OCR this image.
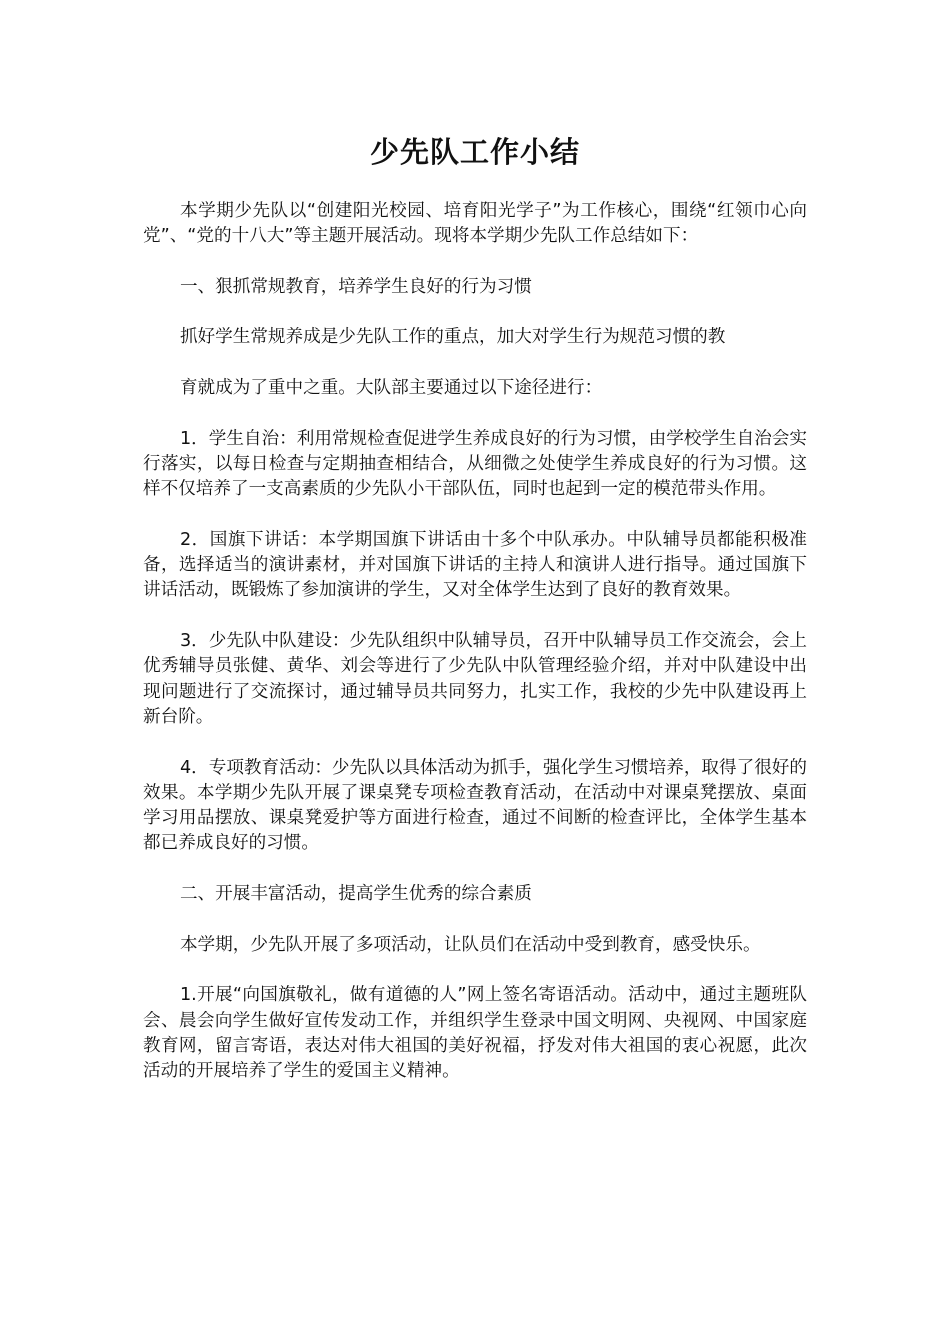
少先队工作小结

本学期少先队以“创建阳光校园、培育阳光学子”为工作核心，围绕“红领巾心向党”、“党的十八大”等主题开展活动。现将本学期少先队工作总结如下：

一、狠抓常规教育，培养学生良好的行为习惯

抓好学生常规养成是少先队工作的重点，加大对学生行为规范习惯的教

育就成为了重中之重。大队部主要通过以下途径进行：

1．学生自治：利用常规检查促进学生养成良好的行为习惯，由学校学生自治会实行落实，以每日检查与定期抽查相结合，从细微之处使学生养成良好的行为习惯。这样不仅培养了一支高素质的少先队小干部队伍，同时也起到一定的模范带头作用。

2．国旗下讲话：本学期国旗下讲话由十多个中队承办。中队辅导员都能积极准备，选择适当的演讲素材，并对国旗下讲话的主持人和演讲人进行指导。通过国旗下讲话活动，既锻炼了参加演讲的学生，又对全体学生达到了良好的教育效果。

3．少先队中队建设：少先队组织中队辅导员，召开中队辅导员工作交流会，会上优秀辅导员张健、黄华、刘会等进行了少先队中队管理经验介绍，并对中队建设中出现问题进行了交流探讨，通过辅导员共同努力，扎实工作，我校的少先中队建设再上新台阶。

4．专项教育活动：少先队以具体活动为抓手，强化学生习惯培养，取得了很好的效果。本学期少先队开展了课桌凳专项检查教育活动，在活动中对课桌凳摆放、桌面学习用品摆放、课桌凳爱护等方面进行检查，通过不间断的检查评比，全体学生基本都已养成良好的习惯。

二、开展丰富活动，提高学生优秀的综合素质

本学期，少先队开展了多项活动，让队员们在活动中受到教育，感受快乐。

1.开展“向国旗敬礼，做有道德的人”网上签名寄语活动。活动中，通过主题班队会、晨会向学生做好宣传发动工作，并组织学生登录中国文明网、央视网、中国家庭教育网，留言寄语，表达对伟大祖国的美好祝福，抒发对伟大祖国的衷心祝愿，此次活动的开展培养了学生的爱国主义精神。
